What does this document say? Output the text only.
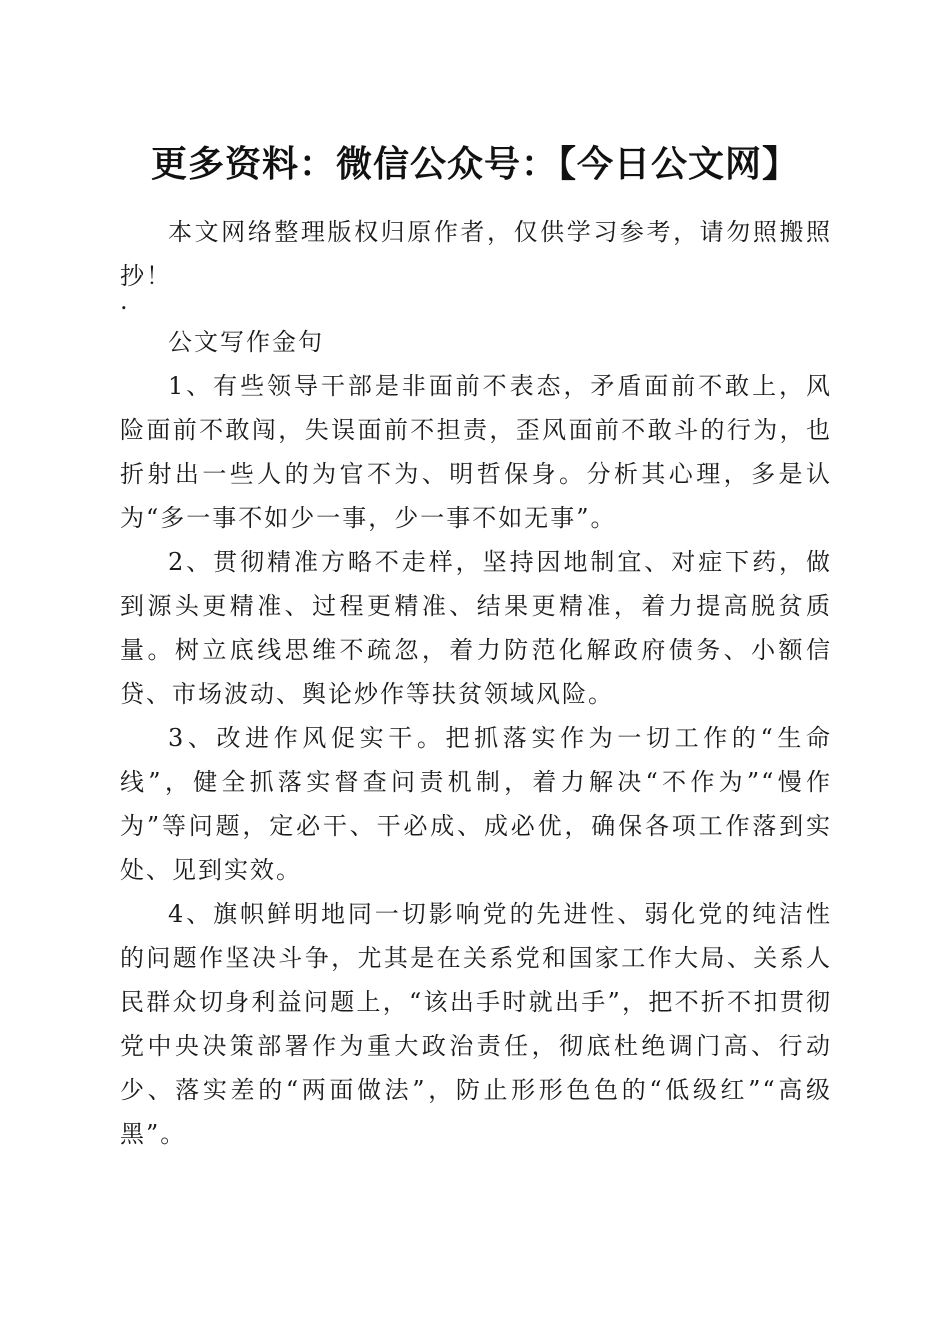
更多资料：微信公众号：【今日公文网】

本文网络整理版权归原作者，仅供学习参考，请勿照搬照抄！

.

公文写作金句

1、有些领导干部是非面前不表态，矛盾面前不敢上，风险面前不敢闯，失误面前不担责，歪风面前不敢斗的行为，也折射出一些人的为官不为、明哲保身。分析其心理，多是认为“多一事不如少一事，少一事不如无事”。

2、贯彻精准方略不走样，坚持因地制宜、对症下药，做到源头更精准、过程更精准、结果更精准，着力提高脱贫质量。树立底线思维不疏忽，着力防范化解政府债务、小额信贷、市场波动、舆论炒作等扶贫领域风险。

3、改进作风促实干。把抓落实作为一切工作的“生命线”，健全抓落实督查问责机制，着力解决“不作为”“慢作为”等问题，定必干、干必成、成必优，确保各项工作落到实处、见到实效。

4、旗帜鲜明地同一切影响党的先进性、弱化党的纯洁性的问题作坚决斗争，尤其是在关系党和国家工作大局、关系人民群众切身利益问题上，“该出手时就出手”，把不折不扣贯彻党中央决策部署作为重大政治责任，彻底杜绝调门高、行动少、落实差的“两面做法”，防止形形色色的“低级红”“高级黑”。
